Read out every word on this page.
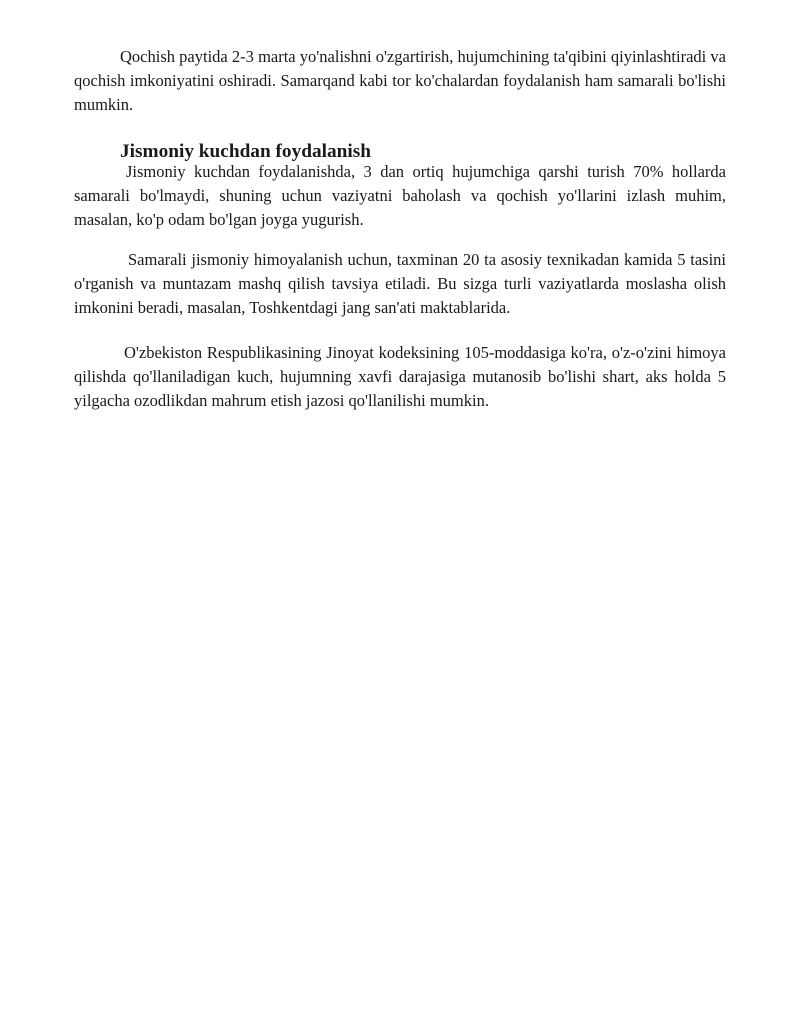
Qochish paytida 2-3 marta yo'nalishni o'zgartirish, hujumchining ta'qibini qiyinlashtiradi va qochish imkoniyatini oshiradi. Samarqand kabi tor ko'chalardan foydalanish ham samarali bo'lishi mumkin.

Jismoniy kuchdan foydalanish

Jismoniy kuchdan foydalanishda, 3 dan ortiq hujumchiga qarshi turish 70% hollarda samarali bo'lmaydi, shuning uchun vaziyatni baholash va qochish yo'llarini izlash muhim, masalan, ko'p odam bo'lgan joyga yugurish.

Samarali jismoniy himoyalanish uchun, taxminan 20 ta asosiy texnikadan kamida 5 tasini o'rganish va muntazam mashq qilish tavsiya etiladi. Bu sizga turli vaziyatlarda moslasha olish imkonini beradi, masalan, Toshkentdagi jang san'ati maktablarida.

O'zbekiston Respublikasining Jinoyat kodeksining 105-moddasiga ko'ra, o'z-o'zini himoya qilishda qo'llaniladigan kuch, hujumning xavfi darajasiga mutanosib bo'lishi shart, aks holda 5 yilgacha ozodlikdan mahrum etish jazosi qo'llanilishi mumkin.
